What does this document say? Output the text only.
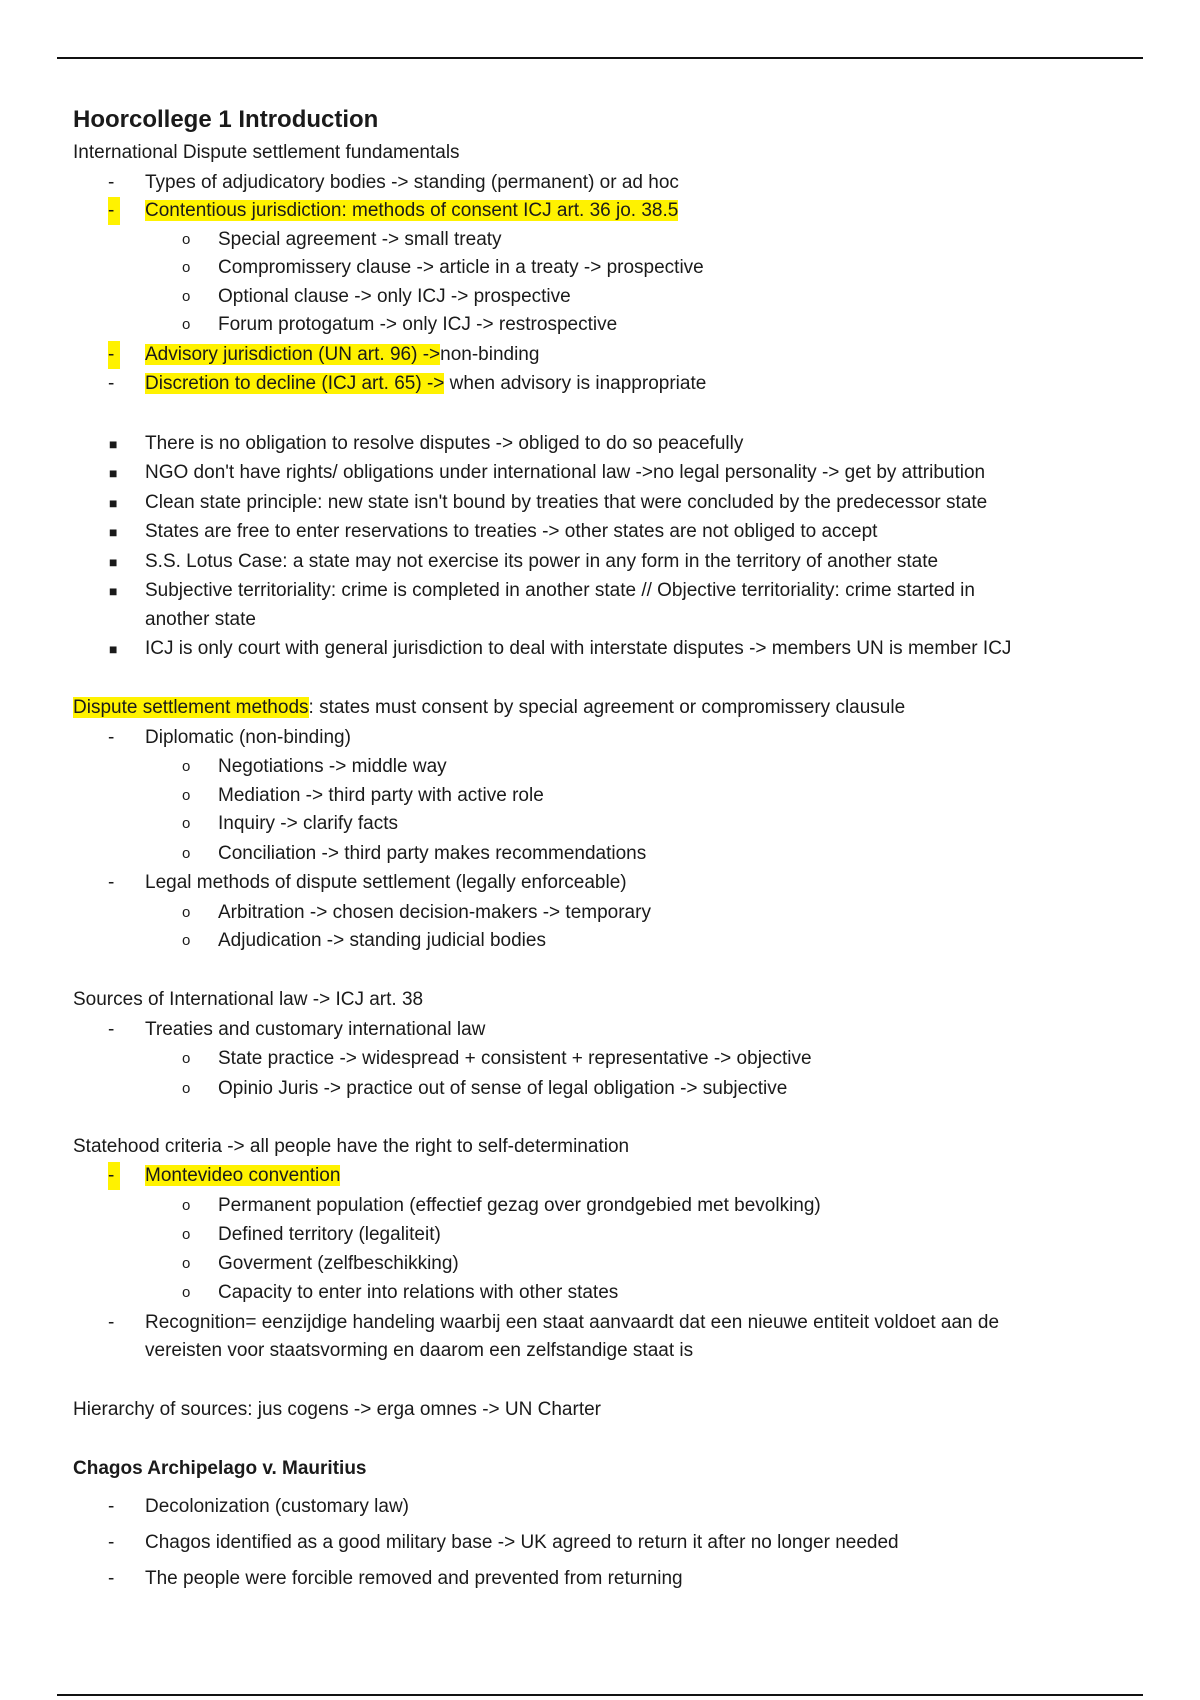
Hoorcollege 1 Introduction
International Dispute settlement fundamentals
- Types of adjudicatory bodies -> standing (permanent) or ad hoc
-	Contentious jurisdiction: methods of consent ICJ art. 36 jo. 38.5
o Special agreement -> small treaty
o Compromissery clause -> article in a treaty -> prospective
o Optional clause -> only ICJ -> prospective
o Forum protogatum -> only ICJ -> restrospective
-	Advisory jurisdiction (UN art. 96) ->non-binding
- Discretion to decline (ICJ art. 65) -> when advisory is inappropriate
■ There is no obligation to resolve disputes -> obliged to do so peacefully
■ NGO don't have rights/ obligations under international law ->no legal personality -> get by attribution
■ Clean state principle: new state isn't bound by treaties that were concluded by the predecessor state
■ States are free to enter reservations to treaties -> other states are not obliged to accept
■ S.S. Lotus Case: a state may not exercise its power in any form in the territory of another state
■ Subjective territoriality: crime is completed in another state // Objective territoriality: crime started in
another state
■ ICJ is only court with general jurisdiction to deal with interstate disputes -> members UN is member ICJ
Dispute settlement methods: states must consent by special agreement or compromissery clausule
- Diplomatic (non-binding)
o Negotiations -> middle way
o Mediation -> third party with active role
o Inquiry -> clarify facts
o Conciliation -> third party makes recommendations
- Legal methods of dispute settlement (legally enforceable)
o Arbitration -> chosen decision-makers -> temporary
o Adjudication -> standing judicial bodies
Sources of International law -> ICJ art. 38
- Treaties and customary international law
o State practice -> widespread + consistent + representative -> objective
o Opinio Juris -> practice out of sense of legal obligation -> subjective
Statehood criteria -> all people have the right to self-determination
-	Montevideo convention
o Permanent population (effectief gezag over grondgebied met bevolking)
o Defined territory (legaliteit)
o Goverment (zelfbeschikking)
o Capacity to enter into relations with other states
- Recognition= eenzijdige handeling waarbij een staat aanvaardt dat een nieuwe entiteit voldoet aan de
vereisten voor staatsvorming en daarom een zelfstandige staat is
Hierarchy of sources: jus cogens -> erga omnes -> UN Charter
Chagos Archipelago v. Mauritius
- Decolonization (customary law)
- Chagos identified as a good military base -> UK agreed to return it after no longer needed
- The people were forcible removed and prevented from returning
